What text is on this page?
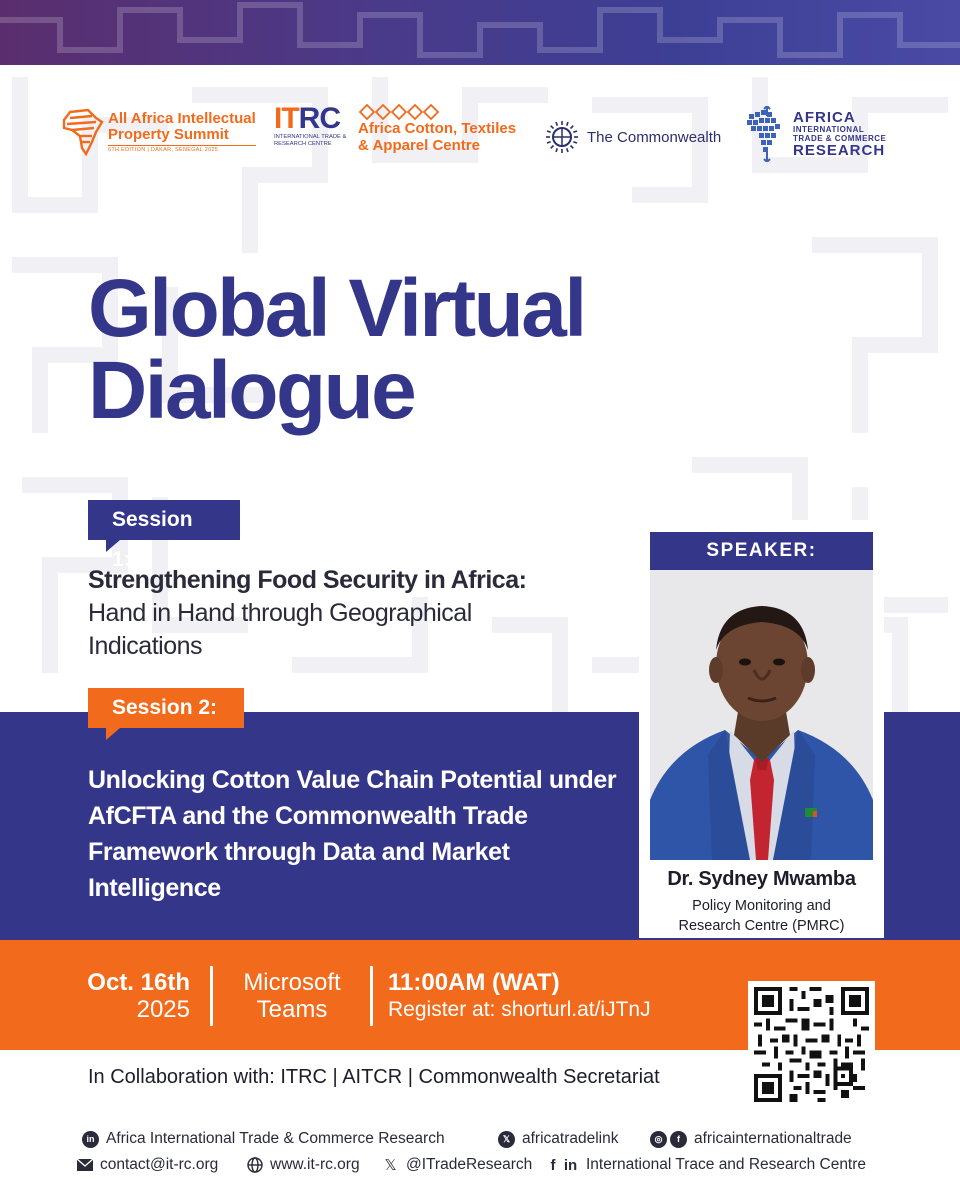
All Africa Intellectual
Property Summit
6TH EDITION | DAKAR, SENEGAL 2025
ITRC
INTERNATIONAL TRADE & RESEARCH CENTRE
Africa Cotton, Textiles
& Apparel Centre	The Commonwealth
AFRICA
INTERNATIONAL
TRADE & COMMERCE
RESEARCH
Global Virtual
Dialogue
Session 1:
Strengthening Food Security in Africa: Hand in Hand through Geographical Indications
Session 2:
Unlocking Cotton Value Chain Potential under AfCFTA and the Commonwealth Trade Framework through Data and Market Intelligence
SPEAKER:
Dr. Sydney Mwamba
Policy Monitoring and
Research Centre (PMRC)
Oct. 16th
2025
Microsoft
Teams
11:00AM (WAT)
Register at: shorturl.at/iJTnJ
In Collaboration with: ITRC | AITCR | Commonwealth Secretariat
in Africa International Trade & Commerce Research	𝕏 africatradelink	◎	f africainternationaltrade
contact@it-rc.org	www.it-rc.org 𝕏 @ITradeResearch f in International Trace and Research Centre
